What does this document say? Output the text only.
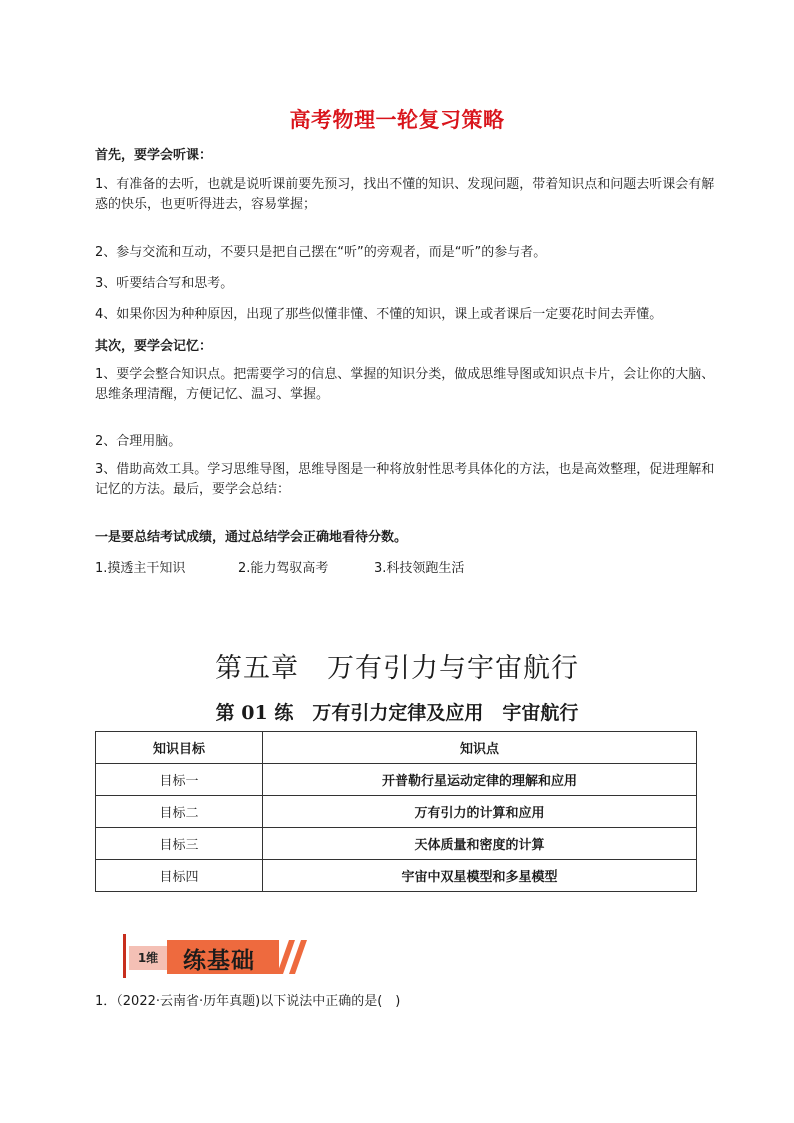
高考物理一轮复习策略
首先，要学会听课：
1、有准备的去听，也就是说听课前要先预习，找出不懂的知识、发现问题，带着知识点和问题去听课会有解惑的快乐，也更听得进去，容易掌握；
2、参与交流和互动，不要只是把自己摆在“听”的旁观者，而是“听”的参与者。
3、听要结合写和思考。
4、如果你因为种种原因，出现了那些似懂非懂、不懂的知识，课上或者课后一定要花时间去弄懂。
其次，要学会记忆：
1、要学会整合知识点。把需要学习的信息、掌握的知识分类，做成思维导图或知识点卡片，会让你的大脑、思维条理清醒，方便记忆、温习、掌握。
2、合理用脑。
3、借助高效工具。学习思维导图，思维导图是一种将放射性思考具体化的方法，也是高效整理，促进理解和记忆的方法。最后，要学会总结：
一是要总结考试成绩，通过总结学会正确地看待分数。
1.摸透主干知识	2.能力驾驭高考	3.科技领跑生活
第五章　万有引力与宇宙航行
第 01 练　万有引力定律及应用　宇宙航行
知识目标	知识点
目标一	开普勒行星运动定律的理解和应用
目标二	万有引力的计算和应用
目标三	天体质量和密度的计算
目标四	宇宙中双星模型和多星模型
1维	练基础
1．（2022·云南省·历年真题)以下说法中正确的是(　)
